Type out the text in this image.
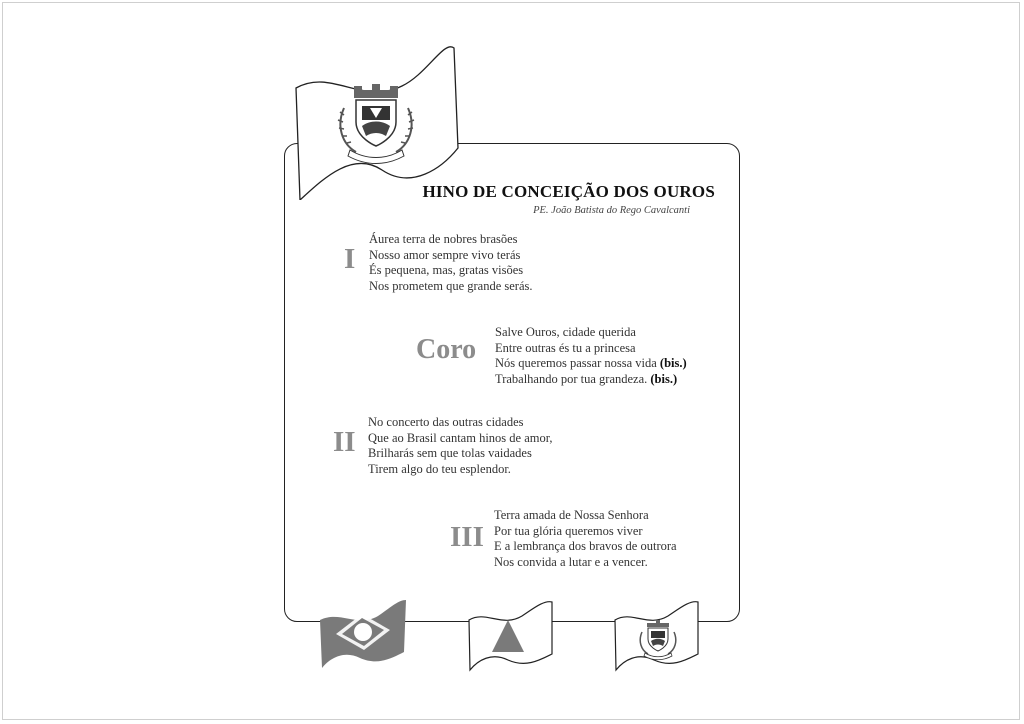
HINO DE CONCEIÇÃO DOS OUROS
PE. João Batista do Rego Cavalcanti
I
Áurea terra de nobres brasões
Nosso amor sempre vivo terás
És pequena, mas, gratas visões
Nos prometem que grande serás.
Coro
Salve Ouros, cidade querida
Entre outras és tu a princesa
Nós queremos passar nossa vida (bis.)
Trabalhando por tua grandeza. (bis.)
II
No concerto das outras cidades
Que ao Brasil cantam hinos de amor,
Brilharás sem que tolas vaidades
Tirem algo do teu esplendor.
III
Terra amada de Nossa Senhora
Por tua glória queremos viver
E a lembrança dos bravos de outrora
Nos convida a lutar e a vencer.
